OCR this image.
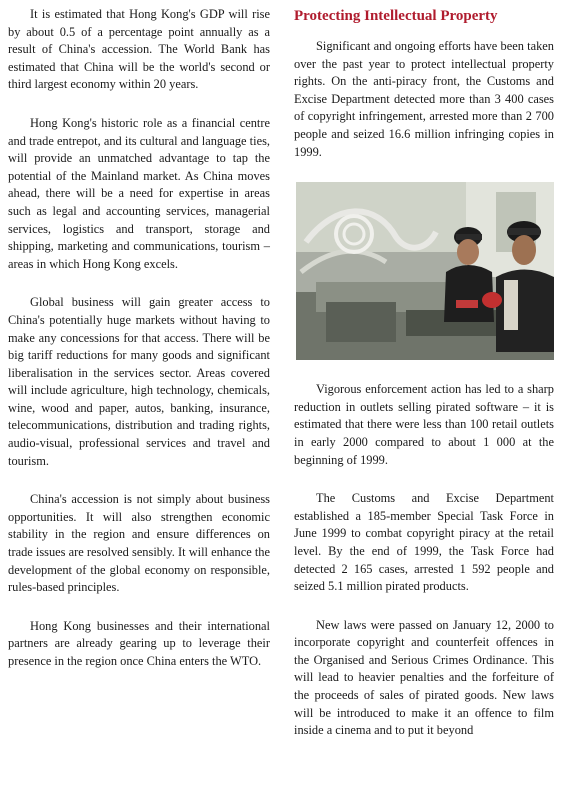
It is estimated that Hong Kong's GDP will rise by about 0.5 of a percentage point annually as a result of China's accession. The World Bank has estimated that China will be the world's second or third largest economy within 20 years.

Hong Kong's historic role as a financial centre and trade entrepot, and its cultural and language ties, will provide an unmatched advantage to tap the potential of the Mainland market. As China moves ahead, there will be a need for expertise in areas such as legal and accounting services, managerial services, logistics and transport, storage and shipping, marketing and communications, tourism – areas in which Hong Kong excels.

Global business will gain greater access to China's potentially huge markets without having to make any concessions for that access. There will be big tariff reductions for many goods and significant liberalisation in the services sector. Areas covered will include agriculture, high technology, chemicals, wine, wood and paper, autos, banking, insurance, telecommunications, distribution and trading rights, audio-visual, professional services and travel and tourism.

China's accession is not simply about business opportunities. It will also strengthen economic stability in the region and ensure differences on trade issues are resolved sensibly. It will enhance the development of the global economy on responsible, rules-based principles.

Hong Kong businesses and their international partners are already gearing up to leverage their presence in the region once China enters the WTO.

Protecting Intellectual Property

Significant and ongoing efforts have been taken over the past year to protect intellectual property rights. On the anti-piracy front, the Customs and Excise Department detected more than 3 400 cases of copyright infringement, arrested more than 2 700 people and seized 16.6 million infringing copies in 1999.

Vigorous enforcement action has led to a sharp reduction in outlets selling pirated software – it is estimated that there were less than 100 retail outlets in early 2000 compared to about 1 000 at the beginning of 1999.

The Customs and Excise Department established a 185-member Special Task Force in June 1999 to combat copyright piracy at the retail level. By the end of 1999, the Task Force had detected 2 165 cases, arrested 1 592 people and seized 5.1 million pirated products.

New laws were passed on January 12, 2000 to incorporate copyright and counterfeit offences in the Organised and Serious Crimes Ordinance. This will lead to heavier penalties and the forfeiture of the proceeds of sales of pirated goods. New laws will be introduced to make it an offence to film inside a cinema and to put it beyond
